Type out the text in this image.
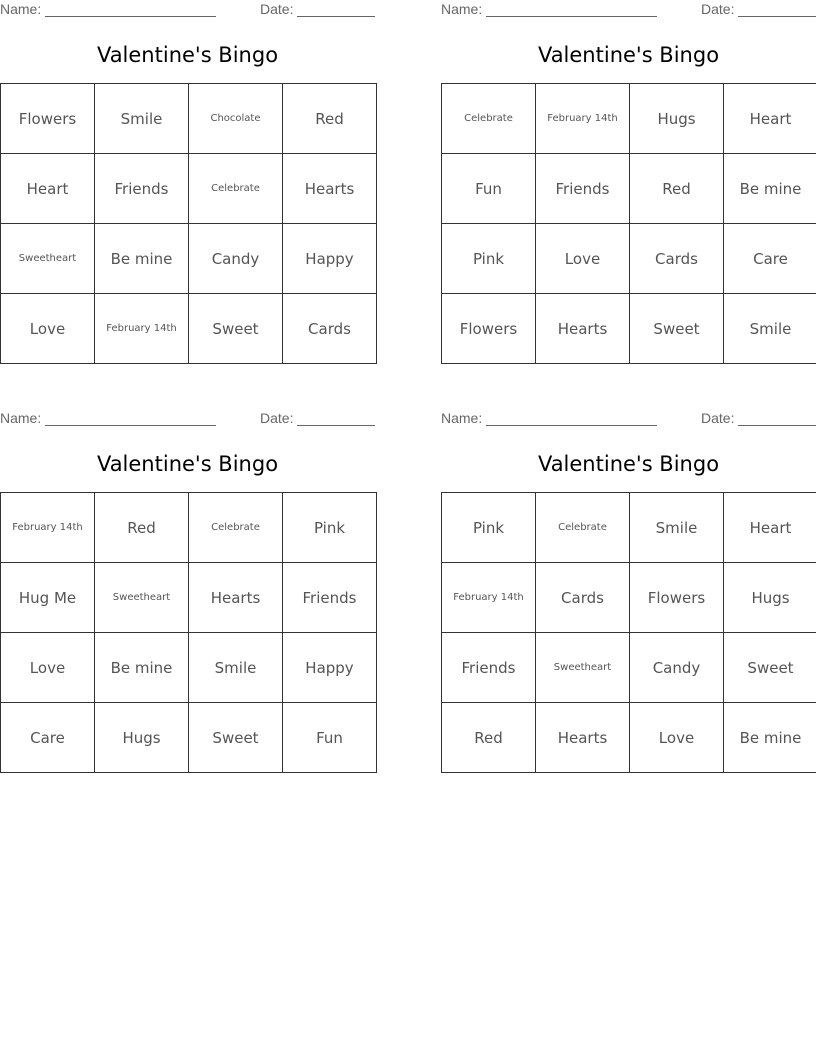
Name:	Date:
Valentine's Bingo
Flowers	Smile	Chocolate	Red
Heart	Friends	Celebrate	Hearts
Sweetheart	Be mine	Candy	Happy
Love	February 14th	Sweet	Cards
Name:	Date:
Valentine's Bingo
Celebrate	February 14th	Hugs	Heart
Fun	Friends	Red	Be mine
Pink	Love	Cards	Care
Flowers	Hearts	Sweet	Smile
Name:	Date:
Valentine's Bingo
February 14th	Red	Celebrate	Pink
Hug Me	Sweetheart	Hearts	Friends
Love	Be mine	Smile	Happy
Care	Hugs	Sweet	Fun
Name:	Date:
Valentine's Bingo
Pink	Celebrate	Smile	Heart
February 14th	Cards	Flowers	Hugs
Friends	Sweetheart	Candy	Sweet
Red	Hearts	Love	Be mine
